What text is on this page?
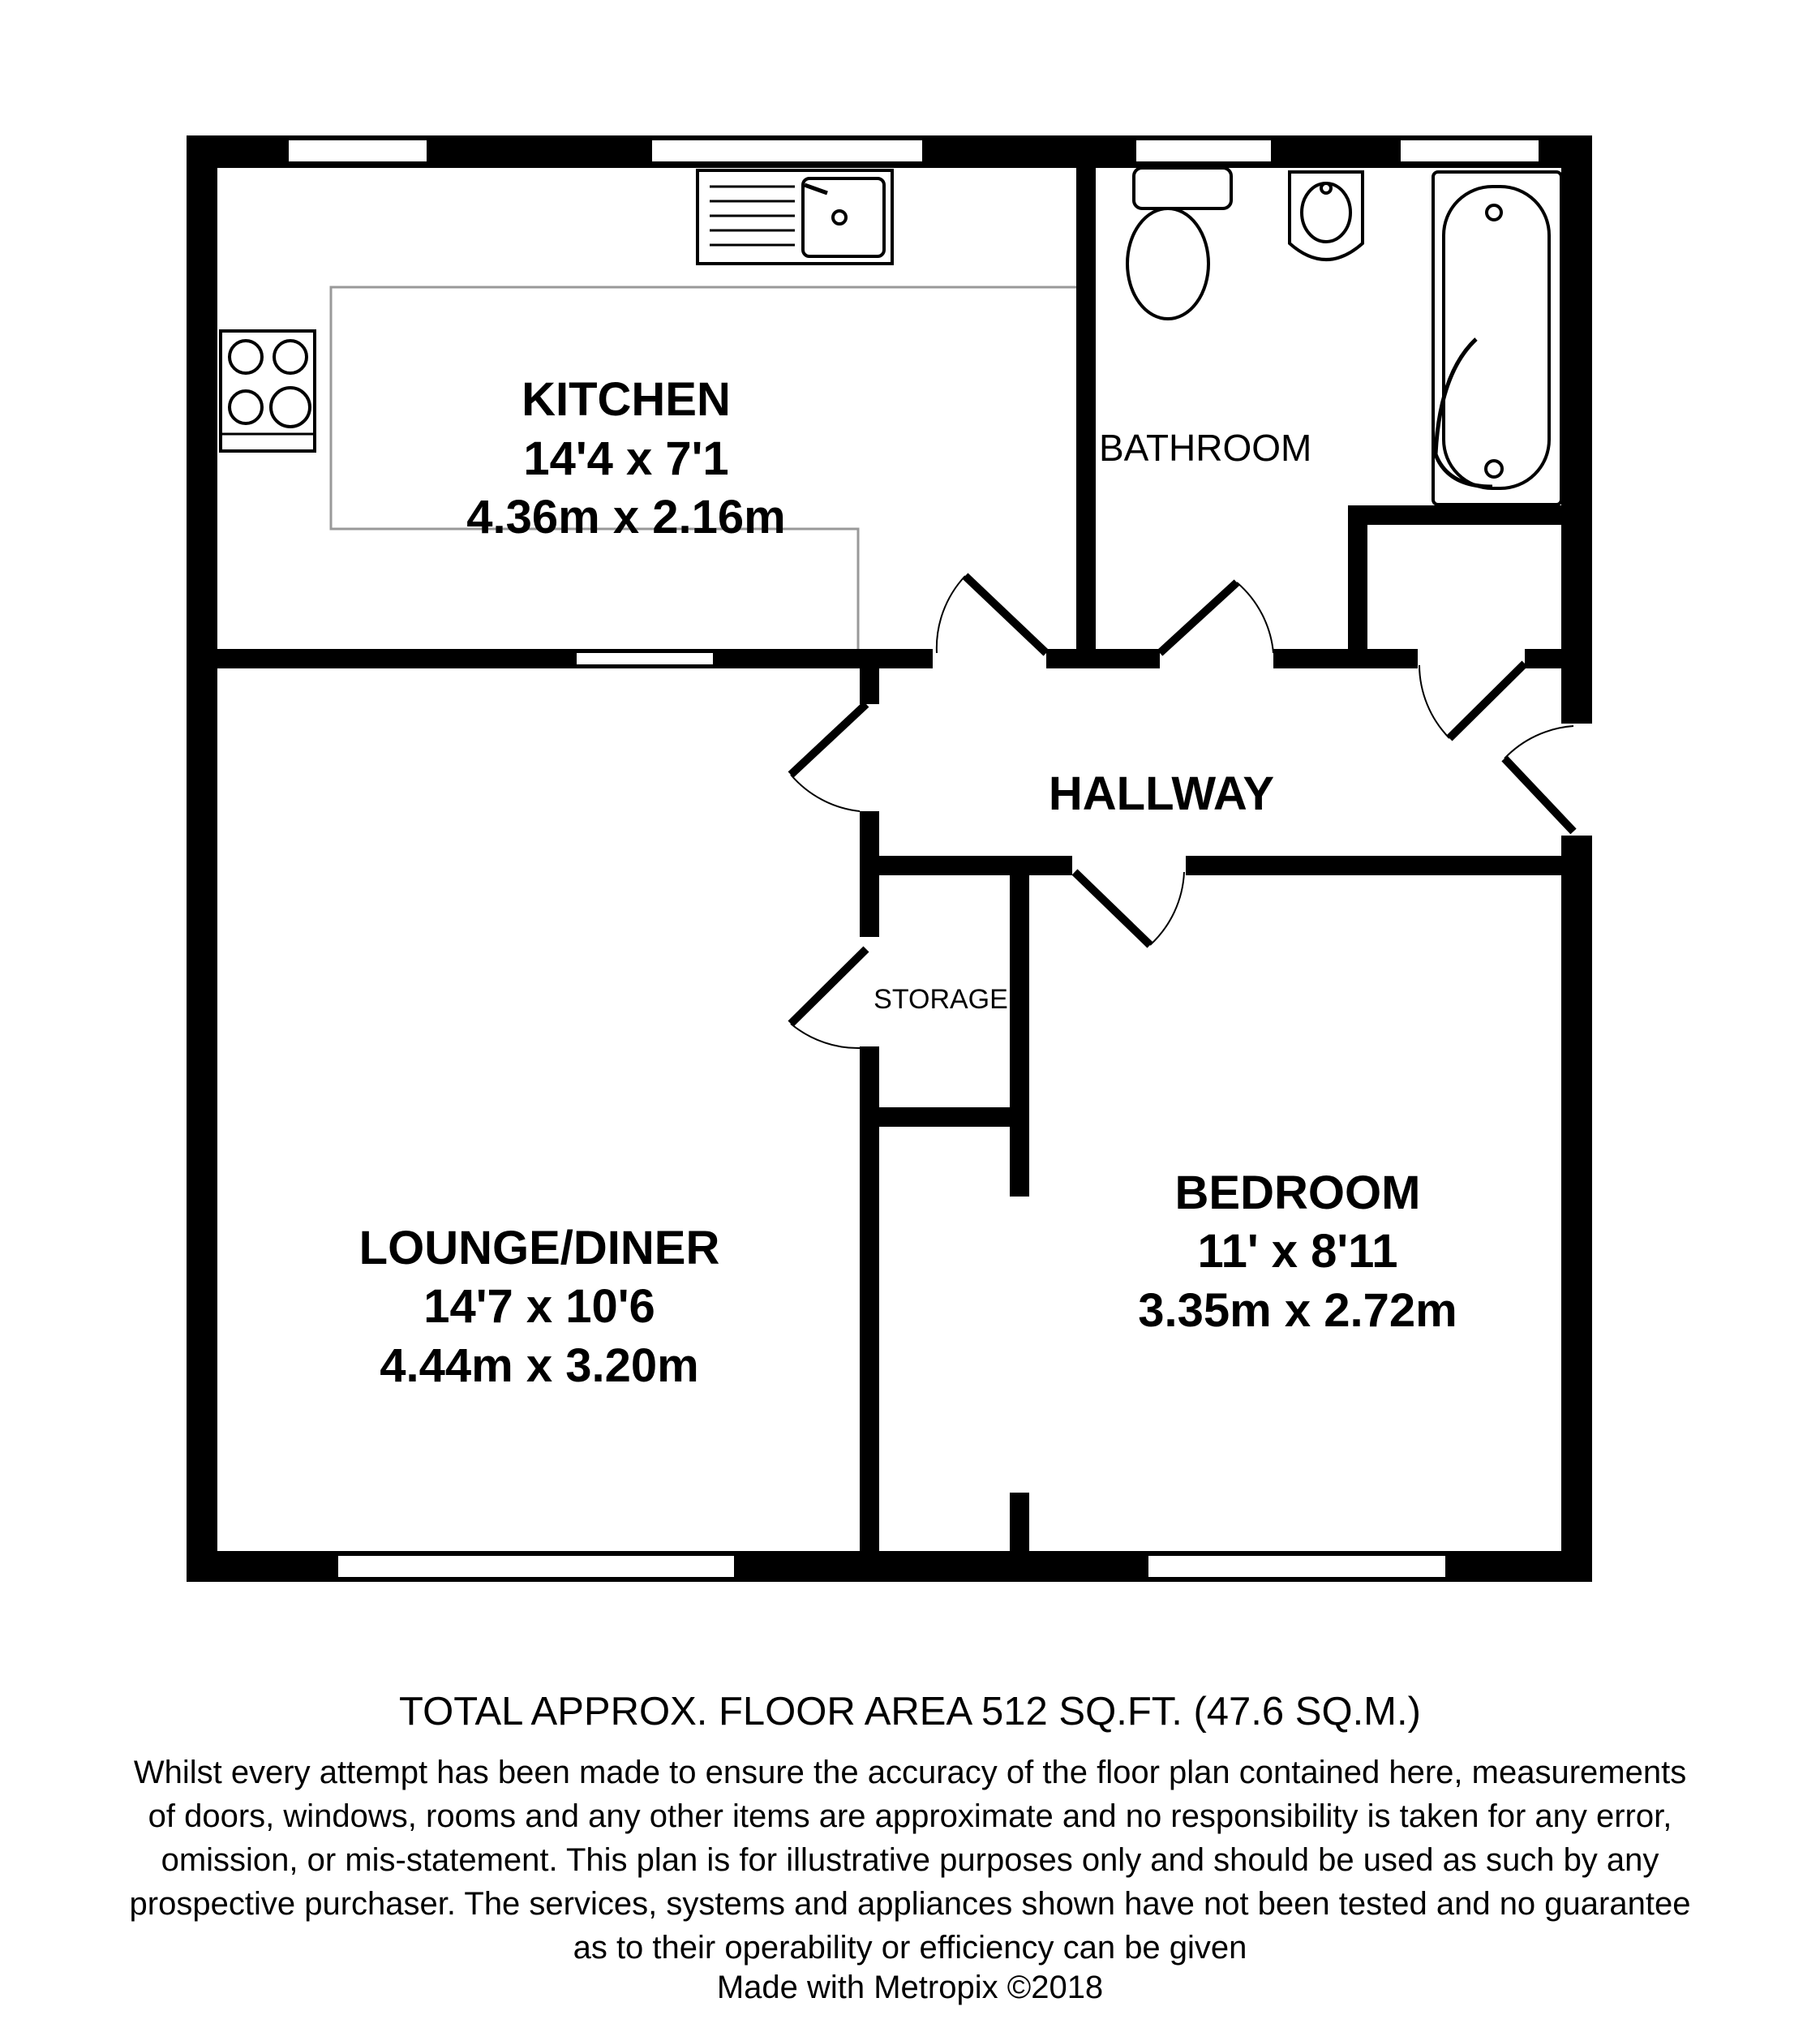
KITCHEN
14'4 x 7'1
4.36m x 2.16m
BATHROOM
HALLWAY
STORAGE
LOUNGE/DINER
14'7 x 10'6
4.44m x 3.20m
BEDROOM
11' x 8'11
3.35m x 2.72m
TOTAL APPROX. FLOOR AREA 512 SQ.FT. (47.6 SQ.M.)
Whilst every attempt has been made to ensure the accuracy of the floor plan contained here, measurements
of doors, windows, rooms and any other items are approximate and no responsibility is taken for any error,
omission, or mis-statement. This plan is for illustrative purposes only and should be used as such by any
prospective purchaser. The services, systems and appliances shown have not been tested and no guarantee
as to their operability or efficiency can be given
Made with Metropix ©2018
